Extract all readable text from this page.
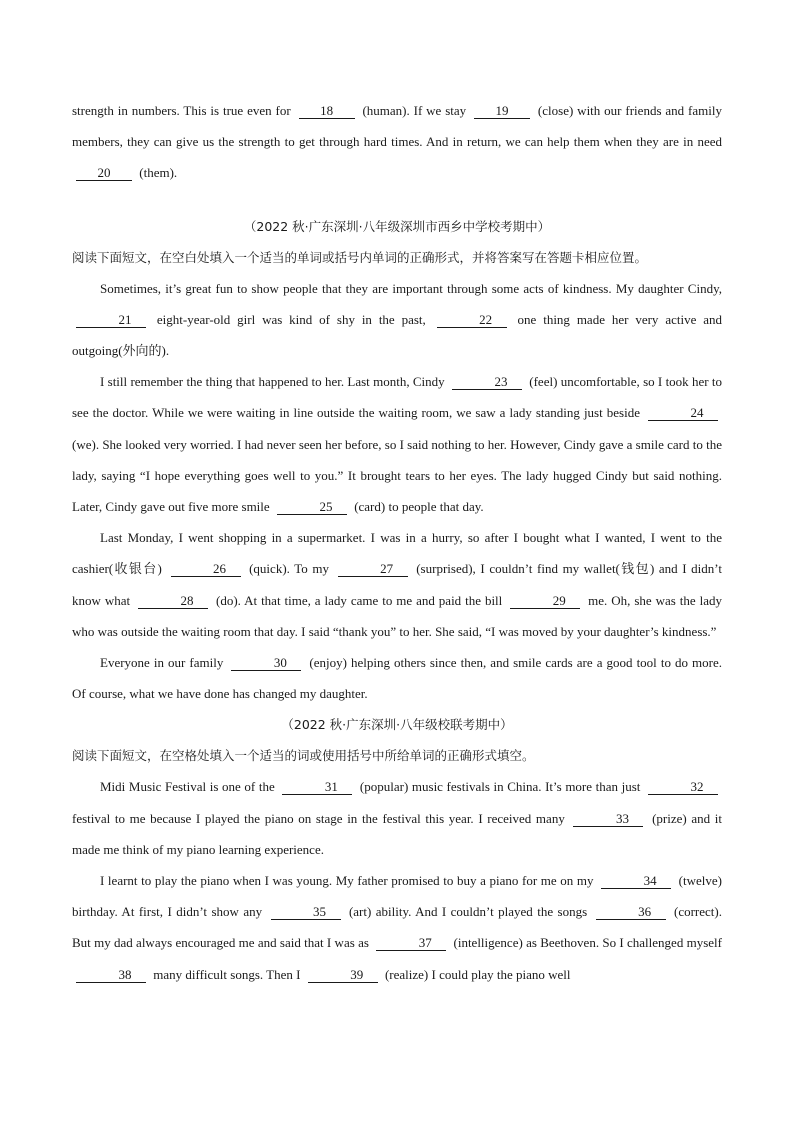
strength in numbers. This is true even for 18 (human). If we stay 19 (close) with our friends and family members, they can give us the strength to get through hard times. And in return, we can help them when they are in need 20 (them).

（2022 秋·广东深圳·八年级深圳市西乡中学校考期中）

阅读下面短文，在空白处填入一个适当的单词或括号内单词的正确形式，并将答案写在答题卡相应位置。

Sometimes, it’s great fun to show people that they are important through some acts of kindness. My daughter Cindy, 21 eight-year-old girl was kind of shy in the past,	22 one thing made her very active and outgoing(外向的).

I still remember the thing that happened to her. Last month, Cindy	23 (feel) uncomfortable, so I took her to see the doctor. While we were waiting in line outside the waiting room, we saw a lady standing just beside	24 (we). She looked very worried. I had never seen her before, so I said nothing to her. However, Cindy gave a smile card to the lady, saying “I hope everything goes well to you.” It brought tears to her eyes. The lady hugged Cindy but said nothing. Later, Cindy gave out five more smile	25 (card) to people that day.

Last Monday, I went shopping in a supermarket. I was in a hurry, so after I bought what I wanted, I went to the cashier(收银台)	26 (quick). To my	27 (surprised), I couldn’t find my wallet(钱包) and I didn’t know what	28 (do). At that time, a lady came to me and paid the bill	29 me. Oh, she was the lady who was outside the waiting room that day. I said “thank you” to her. She said, “I was moved by your daughter’s kindness.”

Everyone in our family	30 (enjoy) helping others since then, and smile cards are a good tool to do more. Of course, what we have done has changed my daughter.

（2022 秋·广东深圳·八年级校联考期中）

阅读下面短文，在空格处填入一个适当的词或使用括号中所给单词的正确形式填空。

Midi Music Festival is one of the	31 (popular) music festivals in China. It’s more than just	32 festival to me because I played the piano on stage in the festival this year. I received many	33 (prize) and it made me think of my piano learning experience.

I learnt to play the piano when I was young. My father promised to buy a piano for me on my	34 (twelve) birthday. At first, I didn’t show any	35 (art) ability. And I couldn’t played the songs	36 (correct). But my dad always encouraged me and said that I was as	37 (intelligence) as Beethoven. So I challenged myself 38 many difficult songs. Then I	39 (realize) I could play the piano well
